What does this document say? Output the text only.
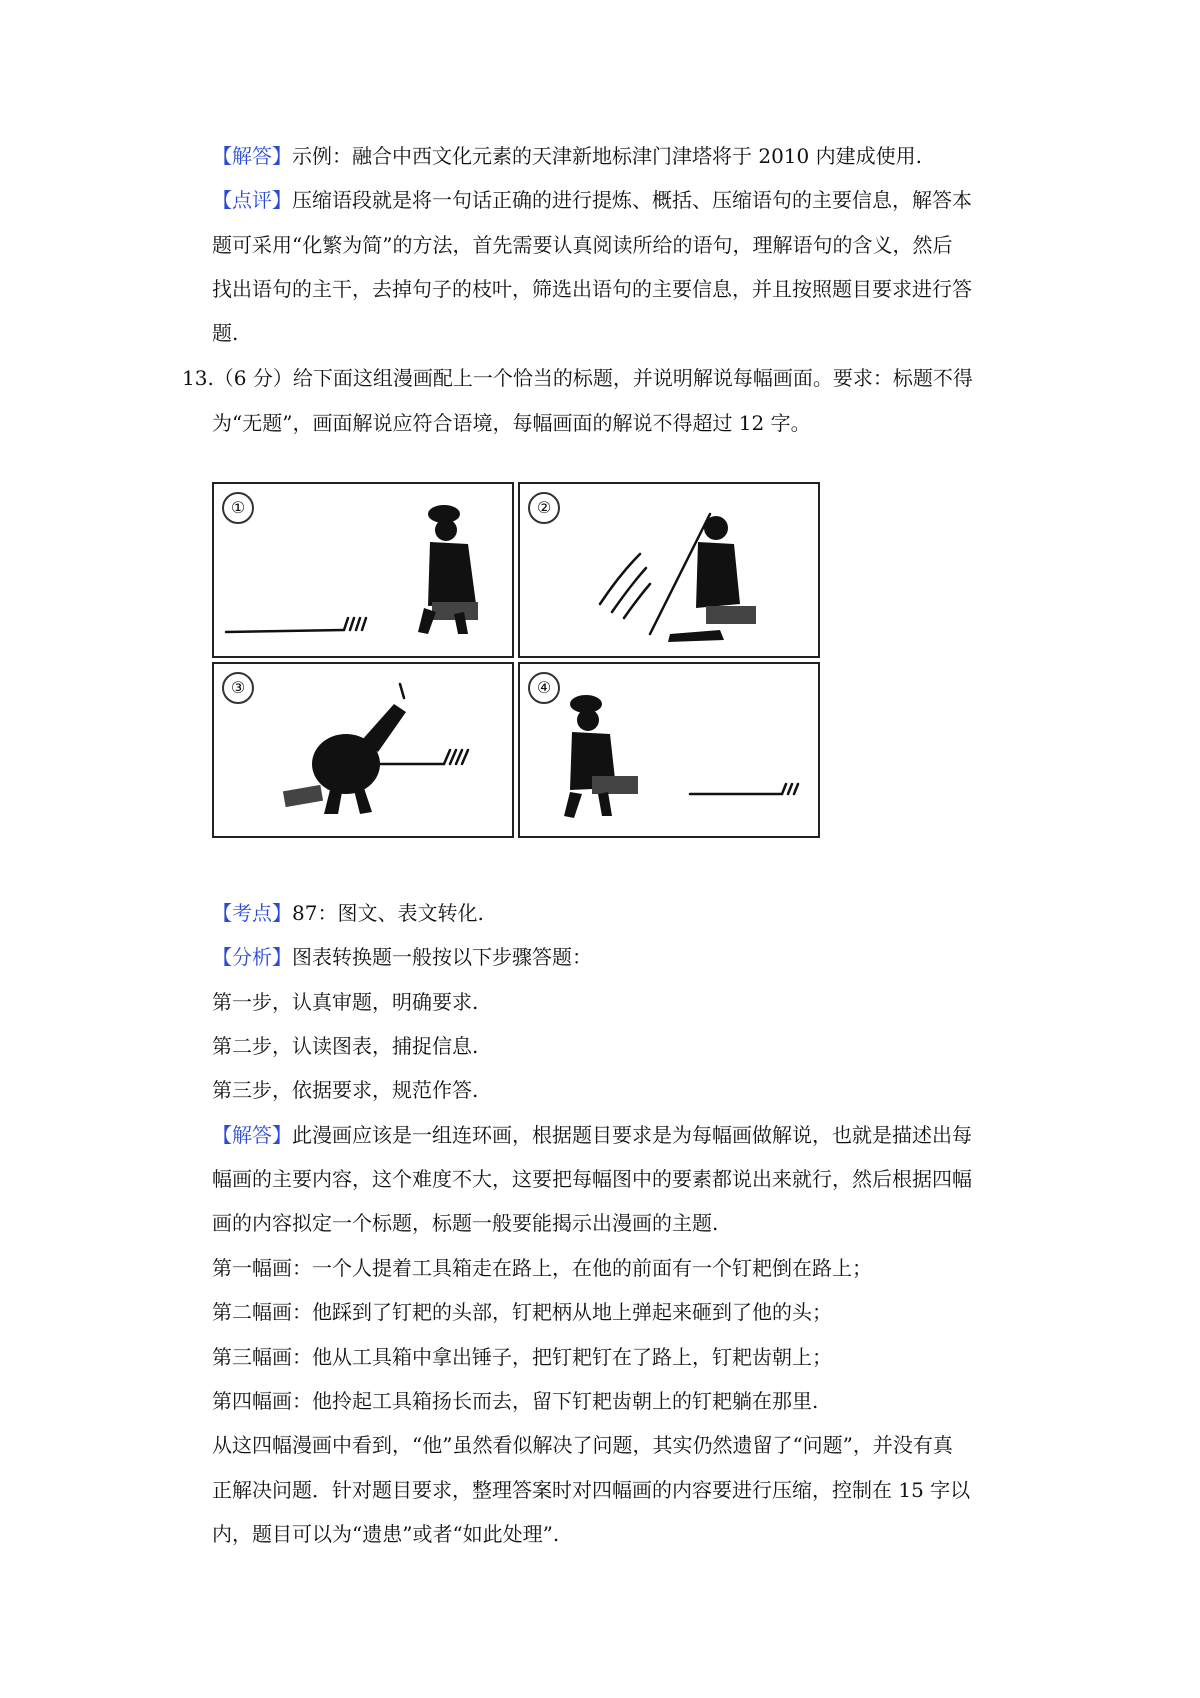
【解答】示例：融合中西文化元素的天津新地标津门津塔将于 2010 内建成使用.
【点评】压缩语段就是将一句话正确的进行提炼、概括、压缩语句的主要信息，解答本
题可采用“化繁为简”的方法，首先需要认真阅读所给的语句，理解语句的含义，然后
找出语句的主干，去掉句子的枝叶，筛选出语句的主要信息，并且按照题目要求进行答
题.
13.（6 分）给下面这组漫画配上一个恰当的标题，并说明解说每幅画面。要求：标题不得
为“无题”，画面解说应符合语境，每幅画面的解说不得超过 12 字。
①	②
③	④
【考点】87：图文、表文转化.
【分析】图表转换题一般按以下步骤答题：
第一步，认真审题，明确要求.
第二步，认读图表，捕捉信息.
第三步，依据要求，规范作答.
【解答】此漫画应该是一组连环画，根据题目要求是为每幅画做解说，也就是描述出每
幅画的主要内容，这个难度不大，这要把每幅图中的要素都说出来就行，然后根据四幅
画的内容拟定一个标题，标题一般要能揭示出漫画的主题.
第一幅画：一个人提着工具箱走在路上，在他的前面有一个钉耙倒在路上；
第二幅画：他踩到了钉耙的头部，钉耙柄从地上弹起来砸到了他的头；
第三幅画：他从工具箱中拿出锤子，把钉耙钉在了路上，钉耙齿朝上；
第四幅画：他拎起工具箱扬长而去，留下钉耙齿朝上的钉耙躺在那里.
从这四幅漫画中看到，“他”虽然看似解决了问题，其实仍然遗留了“问题”，并没有真
正解决问题．针对题目要求，整理答案时对四幅画的内容要进行压缩，控制在 15 字以
内，题目可以为“遗患”或者“如此处理”.
